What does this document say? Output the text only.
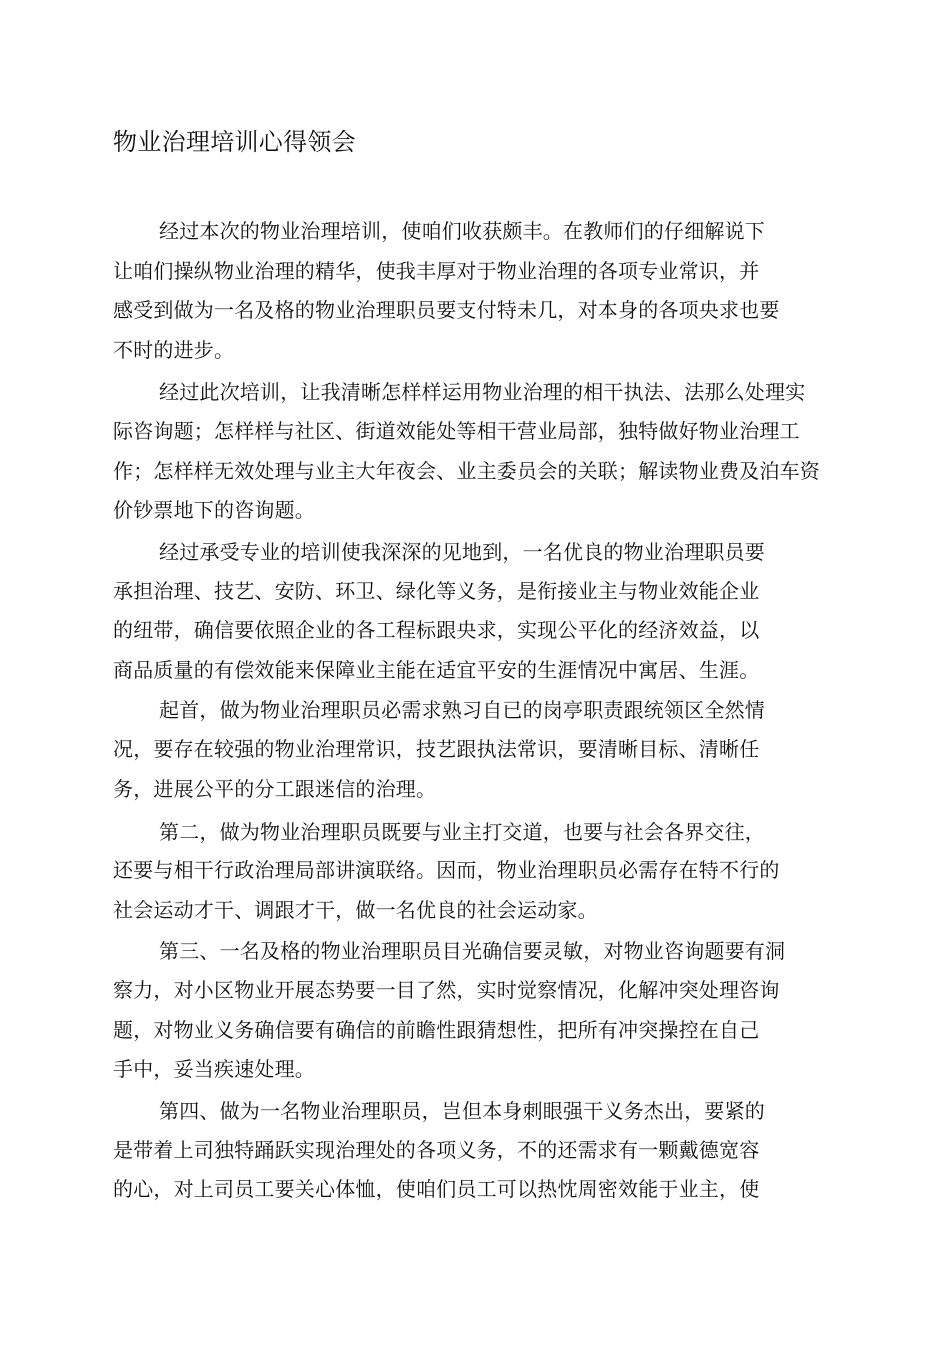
物业治理培训心得领会
经过本次的物业治理培训，使咱们收获颇丰。在教师们的仔细解说下
让咱们操纵物业治理的精华，使我丰厚对于物业治理的各项专业常识，并
感受到做为一名及格的物业治理职员要支付特未几，对本身的各项央求也要
不时的进步。
经过此次培训，让我清晰怎样样运用物业治理的相干执法、法那么处理实
际咨询题；怎样样与社区、街道效能处等相干营业局部，独特做好物业治理工
作；怎样样无效处理与业主大年夜会、业主委员会的关联；解读物业费及泊车资
价钞票地下的咨询题。
经过承受专业的培训使我深深的见地到，一名优良的物业治理职员要
承担治理、技艺、安防、环卫、绿化等义务，是衔接业主与物业效能企业
的纽带，确信要依照企业的各工程标跟央求，实现公平化的经济效益，以
商品质量的有偿效能来保障业主能在适宜平安的生涯情况中寓居、生涯。
起首，做为物业治理职员必需求熟习自已的岗亭职责跟统领区全然情
况，要存在较强的物业治理常识，技艺跟执法常识，要清晰目标、清晰任
务，进展公平的分工跟迷信的治理。
第二，做为物业治理职员既要与业主打交道，也要与社会各界交往，
还要与相干行政治理局部讲演联络。因而，物业治理职员必需存在特不行的
社会运动才干、调跟才干，做一名优良的社会运动家。
第三、一名及格的物业治理职员目光确信要灵敏，对物业咨询题要有洞
察力，对小区物业开展态势要一目了然，实时觉察情况，化解冲突处理咨询
题，对物业义务确信要有确信的前瞻性跟猜想性，把所有冲突操控在自己
手中，妥当疾速处理。
第四、做为一名物业治理职员，岂但本身刺眼强干义务杰出，要紧的
是带着上司独特踊跃实现治理处的各项义务，不的还需求有一颗戴德宽容
的心，对上司员工要关心体恤，使咱们员工可以热忱周密效能于业主，使
